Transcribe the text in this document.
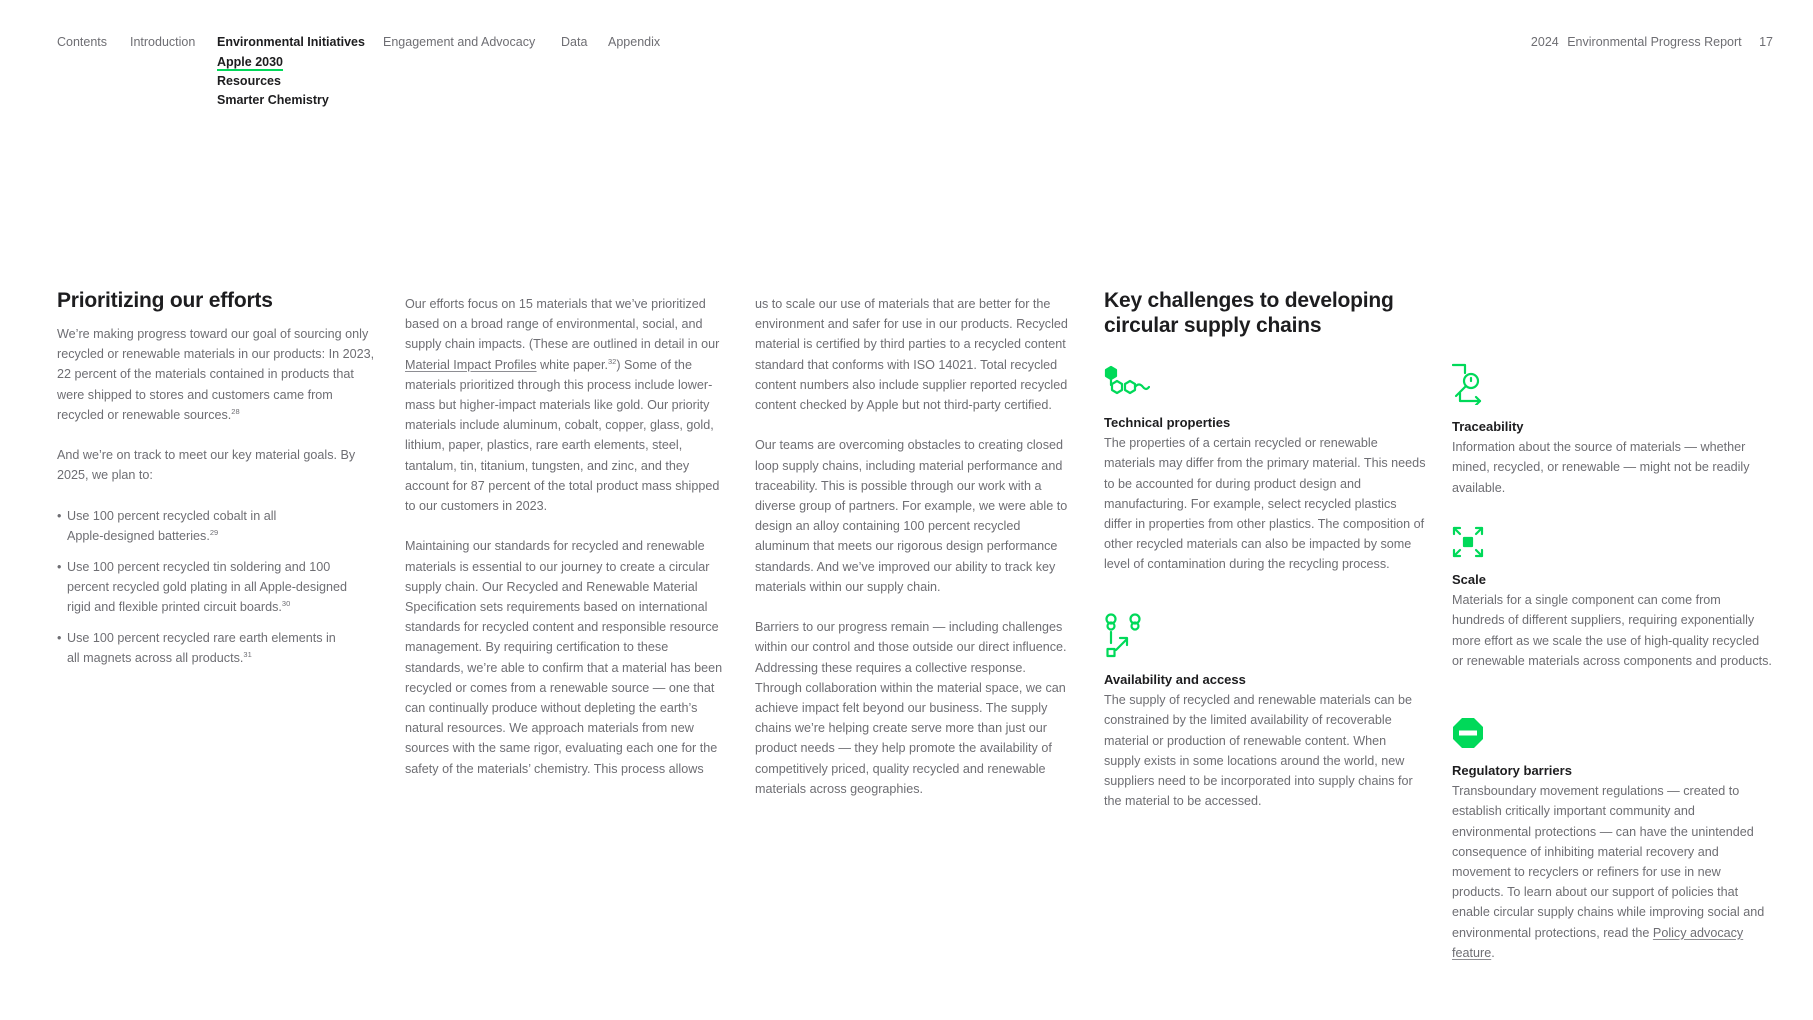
Contents Introduction Environmental Initiatives Engagement and Advocacy Data Appendix
Apple 2030
Resources
Smarter Chemistry
2024 Environmental Progress Report 17
Prioritizing our efforts

We’re making progress toward our goal of sourcing only recycled or renewable materials in our products: In 2023, 22 percent of the materials contained in products that were shipped to stores and customers came from recycled or renewable sources.$^{28}$

And we’re on track to meet our key material goals. By 2025, we plan to:

• Use 100 percent recycled cobalt in all Apple-designed batteries.$^{29}$
• Use 100 percent recycled tin soldering and 100 percent recycled gold plating in all Apple-designed rigid and flexible printed circuit boards.$^{30}$
• Use 100 percent recycled rare earth elements in all magnets across all products.$^{31}$

Our efforts focus on 15 materials that we’ve prioritized based on a broad range of environmental, social, and supply chain impacts. (These are outlined in detail in our Material Impact Profiles white paper.$^{32}$) Some of the materials prioritized through this process include lower-mass but higher-impact materials like gold. Our priority materials include aluminum, cobalt, copper, glass, gold, lithium, paper, plastics, rare earth elements, steel, tantalum, tin, titanium, tungsten, and zinc, and they account for 87 percent of the total product mass shipped to our customers in 2023.

Maintaining our standards for recycled and renewable materials is essential to our journey to create a circular supply chain. Our Recycled and Renewable Material Specification sets requirements based on international standards for recycled content and responsible resource management. By requiring certification to these standards, we’re able to confirm that a material has been recycled or comes from a renewable source — one that can continually produce without depleting the earth’s natural resources. We approach materials from new sources with the same rigor, evaluating each one for the safety of the materials’ chemistry. This process allows

us to scale our use of materials that are better for the environment and safer for use in our products. Recycled material is certified by third parties to a recycled content standard that conforms with ISO 14021. Total recycled content numbers also include supplier reported recycled content checked by Apple but not third-party certified.

Our teams are overcoming obstacles to creating closed loop supply chains, including material performance and traceability. This is possible through our work with a diverse group of partners. For example, we were able to design an alloy containing 100 percent recycled aluminum that meets our rigorous design performance standards. And we’ve improved our ability to track key materials within our supply chain.

Barriers to our progress remain — including challenges within our control and those outside our direct influence. Addressing these requires a collective response. Through collaboration within the material space, we can achieve impact felt beyond our business. The supply chains we’re helping create serve more than just our product needs — they help promote the availability of competitively priced, quality recycled and renewable materials across geographies.

Key challenges to developing circular supply chains
Technical properties
The properties of a certain recycled or renewable materials may differ from the primary material. This needs to be accounted for during product design and manufacturing. For example, select recycled plastics differ in properties from other plastics. The composition of other recycled materials can also be impacted by some level of contamination during the recycling process.
Availability and access
The supply of recycled and renewable materials can be constrained by the limited availability of recoverable material or production of renewable content. When supply exists in some locations around the world, new suppliers need to be incorporated into supply chains for the material to be accessed.
Traceability
Information about the source of materials — whether mined, recycled, or renewable — might not be readily available.
Scale
Materials for a single component can come from hundreds of different suppliers, requiring exponentially more effort as we scale the use of high-quality recycled or renewable materials across components and products.
Regulatory barriers
Transboundary movement regulations — created to establish critically important community and environmental protections — can have the unintended consequence of inhibiting material recovery and movement to recyclers or refiners for use in new products. To learn about our support of policies that enable circular supply chains while improving social and environmental protections, read the Policy advocacy feature.
